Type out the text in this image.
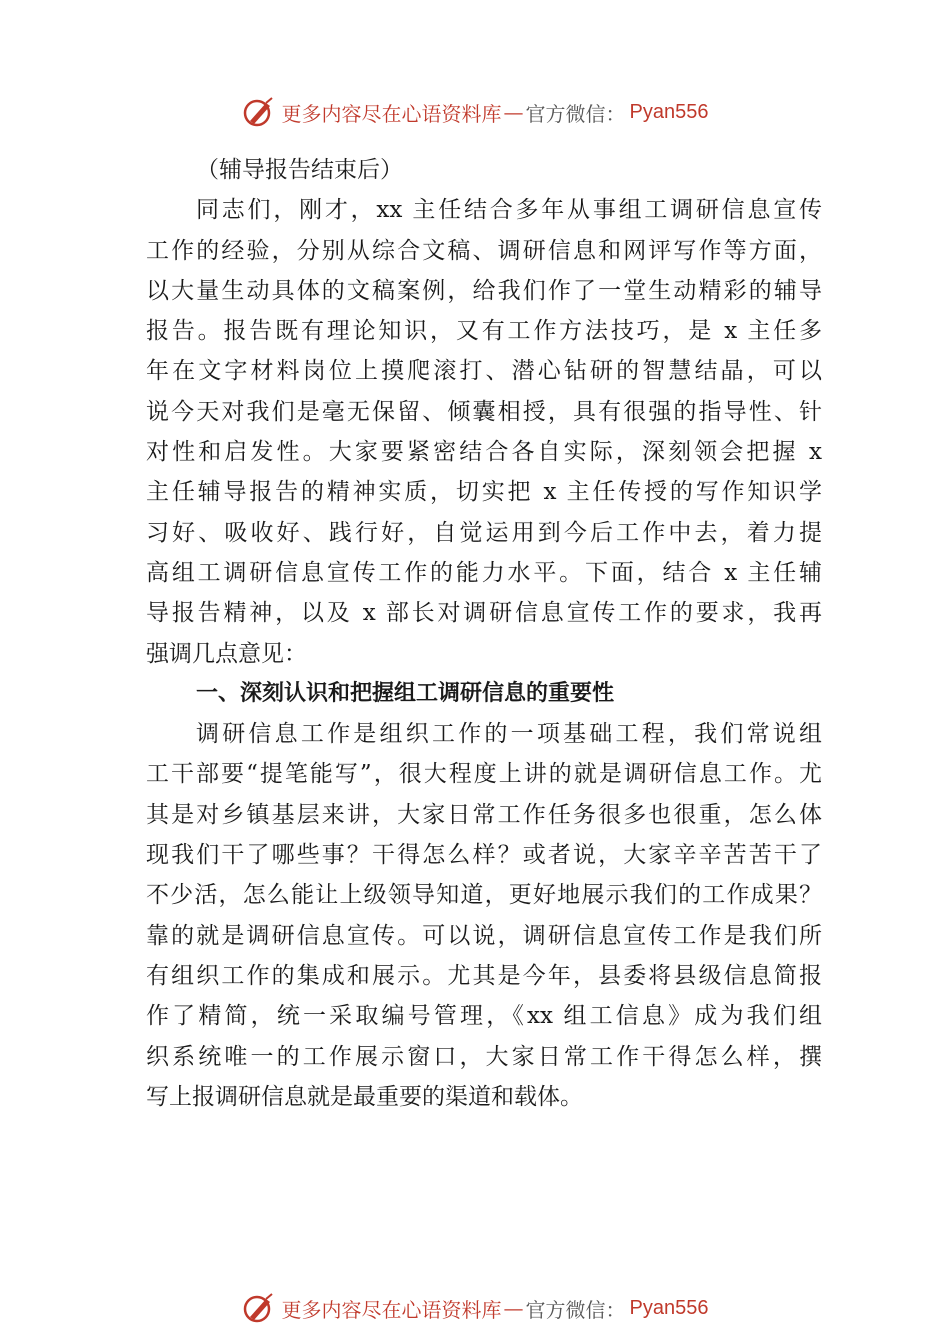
更多内容尽在心语资料库 — 官方微信： Pyan556
（辅导报告结束后）
同志们，刚才，xx 主任结合多年从事组工调研信息宣传
工作的经验，分别从综合文稿、调研信息和网评写作等方面，
以大量生动具体的文稿案例，给我们作了一堂生动精彩的辅导
报告。报告既有理论知识，又有工作方法技巧，是 x 主任多
年在文字材料岗位上摸爬滚打、潜心钻研的智慧结晶，可以
说今天对我们是毫无保留、倾囊相授，具有很强的指导性、针
对性和启发性。大家要紧密结合各自实际，深刻领会把握 x
主任辅导报告的精神实质，切实把 x 主任传授的写作知识学
习好、吸收好、践行好，自觉运用到今后工作中去，着力提
高组工调研信息宣传工作的能力水平。下面，结合 x 主任辅
导报告精神，以及 x 部长对调研信息宣传工作的要求，我再
强调几点意见：
一、深刻认识和把握组工调研信息的重要性
调研信息工作是组织工作的一项基础工程，我们常说组
工干部要“提笔能写”，很大程度上讲的就是调研信息工作。尤
其是对乡镇基层来讲，大家日常工作任务很多也很重，怎么体
现我们干了哪些事？干得怎么样？或者说，大家辛辛苦苦干了
不少活，怎么能让上级领导知道，更好地展示我们的工作成果？
靠的就是调研信息宣传。可以说，调研信息宣传工作是我们所
有组织工作的集成和展示。尤其是今年，县委将县级信息简报
作了精简，统一采取编号管理，《xx 组工信息》成为我们组
织系统唯一的工作展示窗口，大家日常工作干得怎么样，撰
写上报调研信息就是最重要的渠道和载体。
更多内容尽在心语资料库 — 官方微信： Pyan556
